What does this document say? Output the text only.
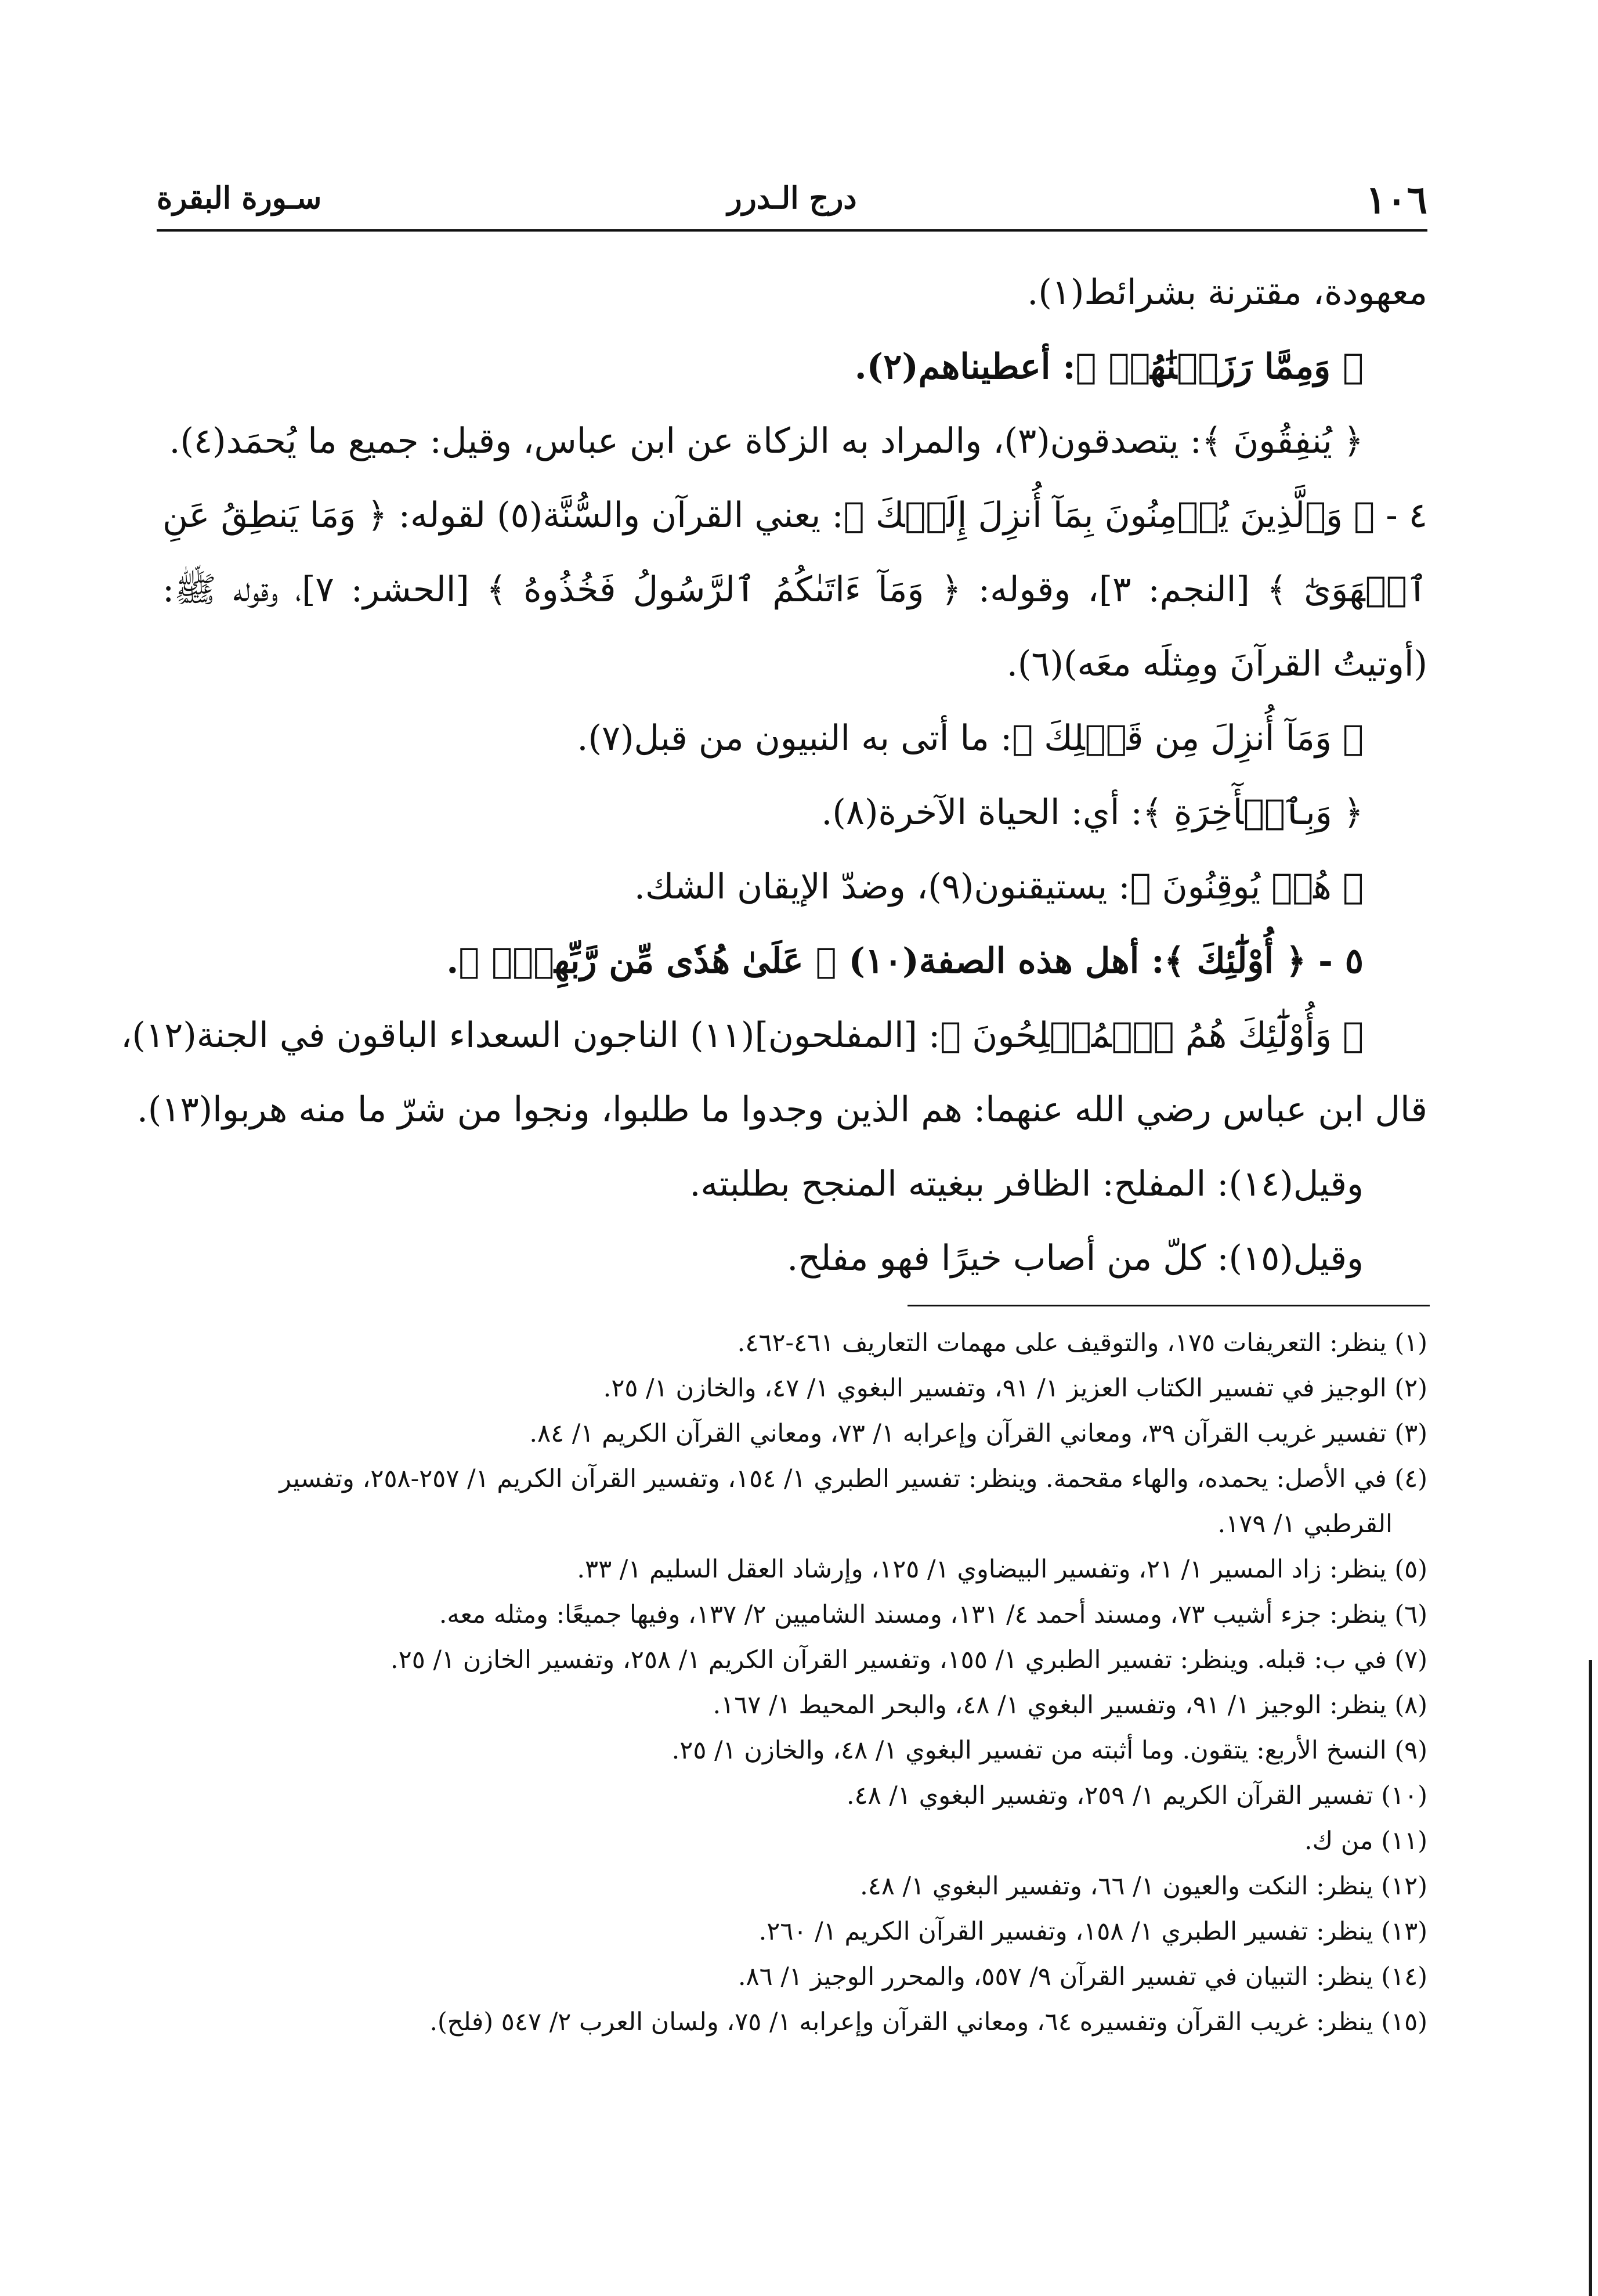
١٠٦
درج الـدرر
سـورة البقرة
معهودة، مقترنة بشرائط(١).
﴿ وَمِمَّا رَزَقۡنَٰهُمۡ ﴾: أعطيناهم(٢).
﴿ يُنفِقُونَ ﴾: يتصدقون(٣)، والمراد به الزكاة عن ابن عباس، وقيل: جميع ما يُحمَد(٤).
٤ - ﴿ وَٱلَّذِينَ يُؤۡمِنُونَ بِمَآ أُنزِلَ إِلَيۡكَ ﴾: يعني القرآن والسُّنَّة(٥) لقوله: ﴿ وَمَا يَنطِقُ عَنِ
ٱلۡهَوَىٰٓ ﴾ [النجم: ٣]، وقوله: ﴿ وَمَآ ءَاتَىٰكُمُ ٱلرَّسُولُ فَخُذُوهُ ﴾ [الحشر: ٧]، وقوله ﷺ:
(أوتيتُ القرآنَ ومِثلَه معَه)(٦).
﴿ وَمَآ أُنزِلَ مِن قَبۡلِكَ ﴾: ما أتى به النبيون من قبل(٧).
﴿ وَبِٱلۡأٓخِرَةِ ﴾: أي: الحياة الآخرة(٨).
﴿ هُمۡ يُوقِنُونَ ﴾: يستيقنون(٩)، وضدّ الإيقان الشك.
٥ - ﴿ أُوْلَٰٓئِكَ ﴾: أهل هذه الصفة(١٠) ﴿ عَلَىٰ هُدٗى مِّن رَّبِّهِمۡۖ ﴾.
﴿ وَأُوْلَٰٓئِكَ هُمُ ٱلۡمُفۡلِحُونَ ﴾: [المفلحون](١١) الناجون السعداء الباقون في الجنة(١٢)،
قال ابن عباس رضي الله عنهما: هم الذين وجدوا ما طلبوا، ونجوا من شرّ ما منه هربوا(١٣).
وقيل(١٤): المفلح: الظافر ببغيته المنجح بطلبته.
وقيل(١٥): كلّ من أصاب خيرًا فهو مفلح.
(١) ينظر: التعريفات ١٧٥، والتوقيف على مهمات التعاريف ٤٦١-٤٦٢.
(٢) الوجيز في تفسير الكتاب العزيز ١/ ٩١، وتفسير البغوي ١/ ٤٧، والخازن ١/ ٢٥.
(٣) تفسير غريب القرآن ٣٩، ومعاني القرآن وإعرابه ١/ ٧٣، ومعاني القرآن الكريم ١/ ٨٤.
(٤) في الأصل: يحمده، والهاء مقحمة. وينظر: تفسير الطبري ١/ ١٥٤، وتفسير القرآن الكريم ١/ ٢٥٧-٢٥٨، وتفسير
القرطبي ١/ ١٧٩.
(٥) ينظر: زاد المسير ١/ ٢١، وتفسير البيضاوي ١/ ١٢٥، وإرشاد العقل السليم ١/ ٣٣.
(٦) ينظر: جزء أشيب ٧٣، ومسند أحمد ٤/ ١٣١، ومسند الشاميين ٢/ ١٣٧، وفيها جميعًا: ومثله معه.
(٧) في ب: قبله. وينظر: تفسير الطبري ١/ ١٥٥، وتفسير القرآن الكريم ١/ ٢٥٨، وتفسير الخازن ١/ ٢٥.
(٨) ينظر: الوجيز ١/ ٩١، وتفسير البغوي ١/ ٤٨، والبحر المحيط ١/ ١٦٧.
(٩) النسخ الأربع: يتقون. وما أثبته من تفسير البغوي ١/ ٤٨، والخازن ١/ ٢٥.
(١٠) تفسير القرآن الكريم ١/ ٢٥٩، وتفسير البغوي ١/ ٤٨.
(١١) من ك.
(١٢) ينظر: النكت والعيون ١/ ٦٦، وتفسير البغوي ١/ ٤٨.
(١٣) ينظر: تفسير الطبري ١/ ١٥٨، وتفسير القرآن الكريم ١/ ٢٦٠.
(١٤) ينظر: التبيان في تفسير القرآن ٩/ ٥٥٧، والمحرر الوجيز ١/ ٨٦.
(١٥) ينظر: غريب القرآن وتفسيره ٦٤، ومعاني القرآن وإعرابه ١/ ٧٥، ولسان العرب ٢/ ٥٤٧ (فلح).
